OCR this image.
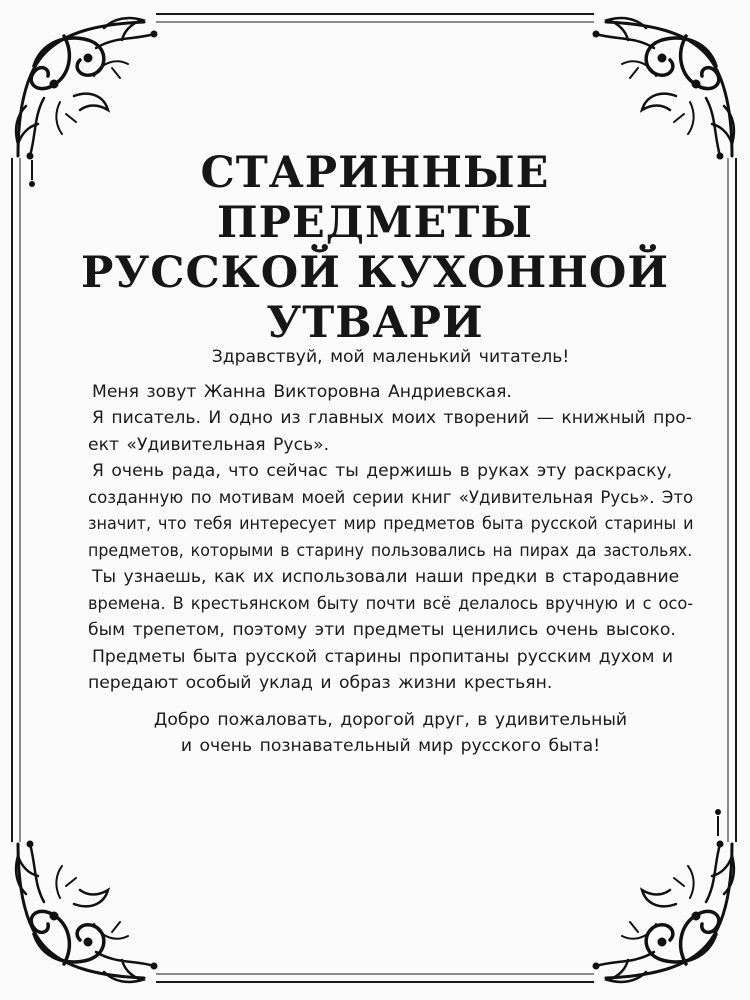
СТАРИННЫЕ ПРЕДМЕТЫ
РУССКОЙ КУХОННОЙ
УТВАРИ
Здравствуй, мой маленький читатель!
Меня зовут Жанна Викторовна Андриевская.
Я писатель. И одно из главных моих творений — книжный про-
ект «Удивительная Русь».
Я очень рада, что сейчас ты держишь в руках эту раскраску,
созданную по мотивам моей серии книг «Удивительная Русь». Это
значит, что тебя интересует мир предметов быта русской старины и
предметов, которыми в старину пользовались на пирах да застольях.
Ты узнаешь, как их использовали наши предки в стародавние
времена. В крестьянском быту почти всё делалось вручную и с осо-
бым трепетом, поэтому эти предметы ценились очень высоко.
Предметы быта русской старины пропитаны русским духом и
передают особый уклад и образ жизни крестьян.
Добро пожаловать, дорогой друг, в удивительный
и очень познавательный мир русского быта!
